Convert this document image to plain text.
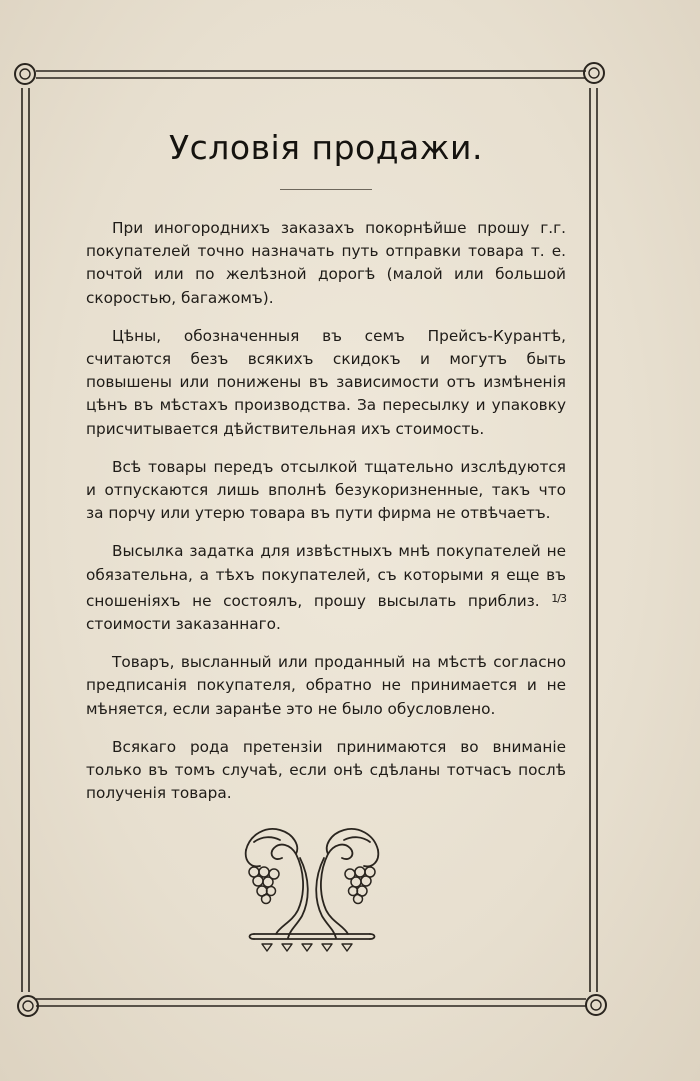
Условія продажи.

При иногороднихъ заказахъ покорнѣйше прошу г.г. покупателей точно назначать путь отправки товара т. е. почтой или по желѣзной дорогѣ (малой или большой скоростью, багажомъ).

Цѣны, обозначенныя въ семъ Прейсъ-Курантѣ, считаются безъ всякихъ скидокъ и могутъ быть повышены или понижены въ зависимости отъ измѣненія цѣнъ въ мѣстахъ производства. За пересылку и упаковку присчитывается дѣйствительная ихъ стоимость.

Всѣ товары передъ отсылкой тщательно изслѣдуются и отпускаются лишь вполнѣ безукоризненные, такъ что за порчу или утерю товара въ пути фирма не отвѣчаетъ.

Высылка задатка для извѣстныхъ мнѣ покупателей не обязательна, а тѣхъ покупателей, съ которыми я еще въ сношеніяхъ не состоялъ, прошу высылать приблиз. $^{1/3}$ стоимости заказаннаго.

Товаръ, высланный или проданный на мѣстѣ согласно предписанія покупателя, обратно не принимается и не мѣняется, если заранѣе это не было обусловлено.

Всякаго рода претензіи принимаются во вниманіе только въ томъ случаѣ, если онѣ сдѣланы тотчасъ послѣ полученія товара.
